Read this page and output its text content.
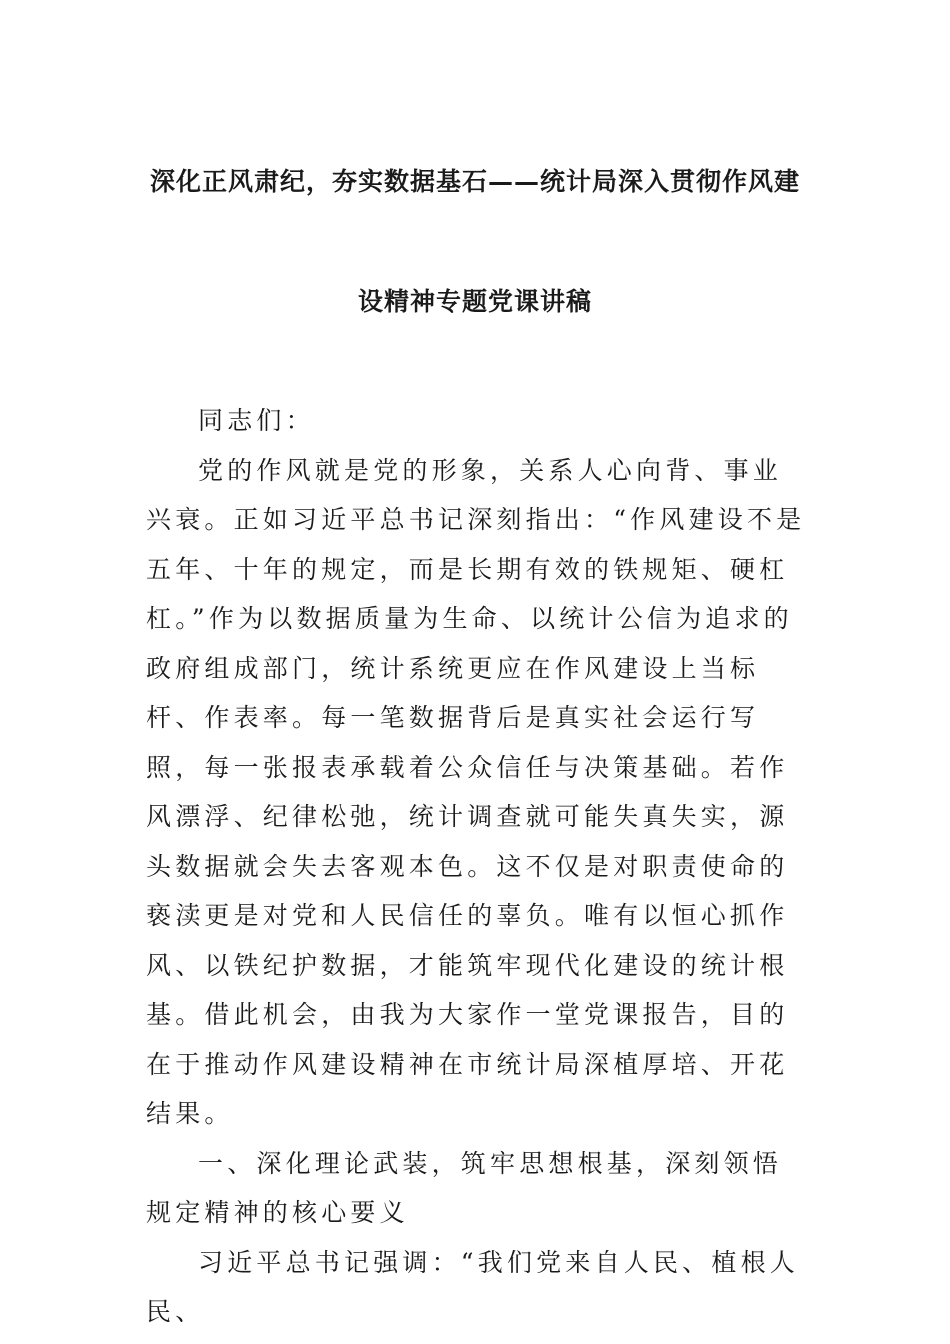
深化正风肃纪，夯实数据基石——统计局深入贯彻作风建
设精神专题党课讲稿

同志们：

党的作风就是党的形象，关系人心向背、事业兴衰。正如习近平总书记深刻指出：“作风建设不是五年、十年的规定，而是长期有效的铁规矩、硬杠杠。”作为以数据质量为生命、以统计公信为追求的政府组成部门，统计系统更应在作风建设上当标杆、作表率。每一笔数据背后是真实社会运行写照，每一张报表承载着公众信任与决策基础。若作风漂浮、纪律松弛，统计调查就可能失真失实，源头数据就会失去客观本色。这不仅是对职责使命的亵渎更是对党和人民信任的辜负。唯有以恒心抓作风、以铁纪护数据，才能筑牢现代化建设的统计根基。借此机会，由我为大家作一堂党课报告，目的在于推动作风建设精神在市统计局深植厚培、开花结果。

一、深化理论武装，筑牢思想根基，深刻领悟规定精神的核心要义

习近平总书记强调：“我们党来自人民、植根人民、
